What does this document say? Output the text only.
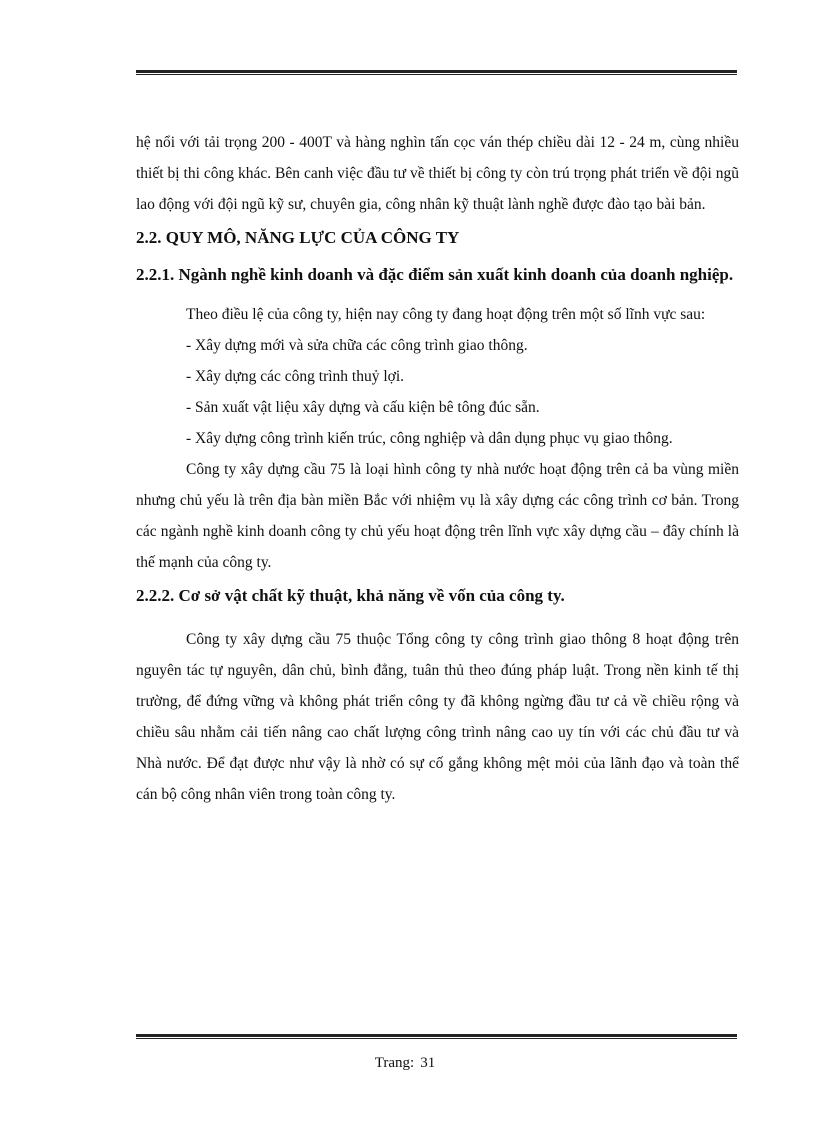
hệ nổi với tải trọng 200 - 400T và hàng nghìn tấn cọc ván thép chiều dài 12 - 24 m, cùng nhiều thiết bị thi công khác. Bên canh việc đầu tư về thiết bị công ty còn trú trọng phát triển về đội ngũ lao động với đội ngũ kỹ sư, chuyên gia, công nhân kỹ thuật lành nghề được đào tạo bài bản.

2.2. QUY MÔ, NĂNG LỰC CỦA CÔNG TY
2.2.1. Ngành nghề kinh doanh và đặc điểm sản xuất kinh doanh của doanh nghiệp.

Theo điều lệ của công ty, hiện nay công ty đang hoạt động trên một số lĩnh vực sau:

- Xây dựng mới và sửa chữa các công trình giao thông.

- Xây dựng các công trình thuỷ lợi.

- Sản xuất vật liệu xây dựng và cấu kiện bê tông đúc sẵn.

- Xây dựng công trình kiến trúc, công nghiệp và dân dụng phục vụ giao thông.

Công ty xây dựng cầu 75 là loại hình công ty nhà nước hoạt động trên cả ba vùng miền nhưng chủ yếu là trên địa bàn miền Bắc với nhiệm vụ là xây dựng các công trình cơ bản. Trong các ngành nghề kinh doanh công ty chủ yếu hoạt động trên lĩnh vực xây dựng cầu – đây chính là thế mạnh của công ty.

2.2.2. Cơ sở vật chất kỹ thuật, khả năng về vốn của công ty.

Công ty xây dựng cầu 75 thuộc Tổng công ty công trình giao thông 8 hoạt động trên nguyên tác tự nguyên, dân chủ, bình đẳng, tuân thủ theo đúng pháp luật. Trong nền kinh tế thị trường, để đứng vững và không phát triển công ty đã không ngừng đầu tư cả về chiều rộng và chiều sâu nhằm cải tiến nâng cao chất lượng công trình nâng cao uy tín với các chủ đầu tư và Nhà nước. Để đạt được như vậy là nhờ có sự cố gắng không mệt mỏi của lãnh đạo và toàn thể cán bộ công nhân viên trong toàn công ty.

Trang: 31
